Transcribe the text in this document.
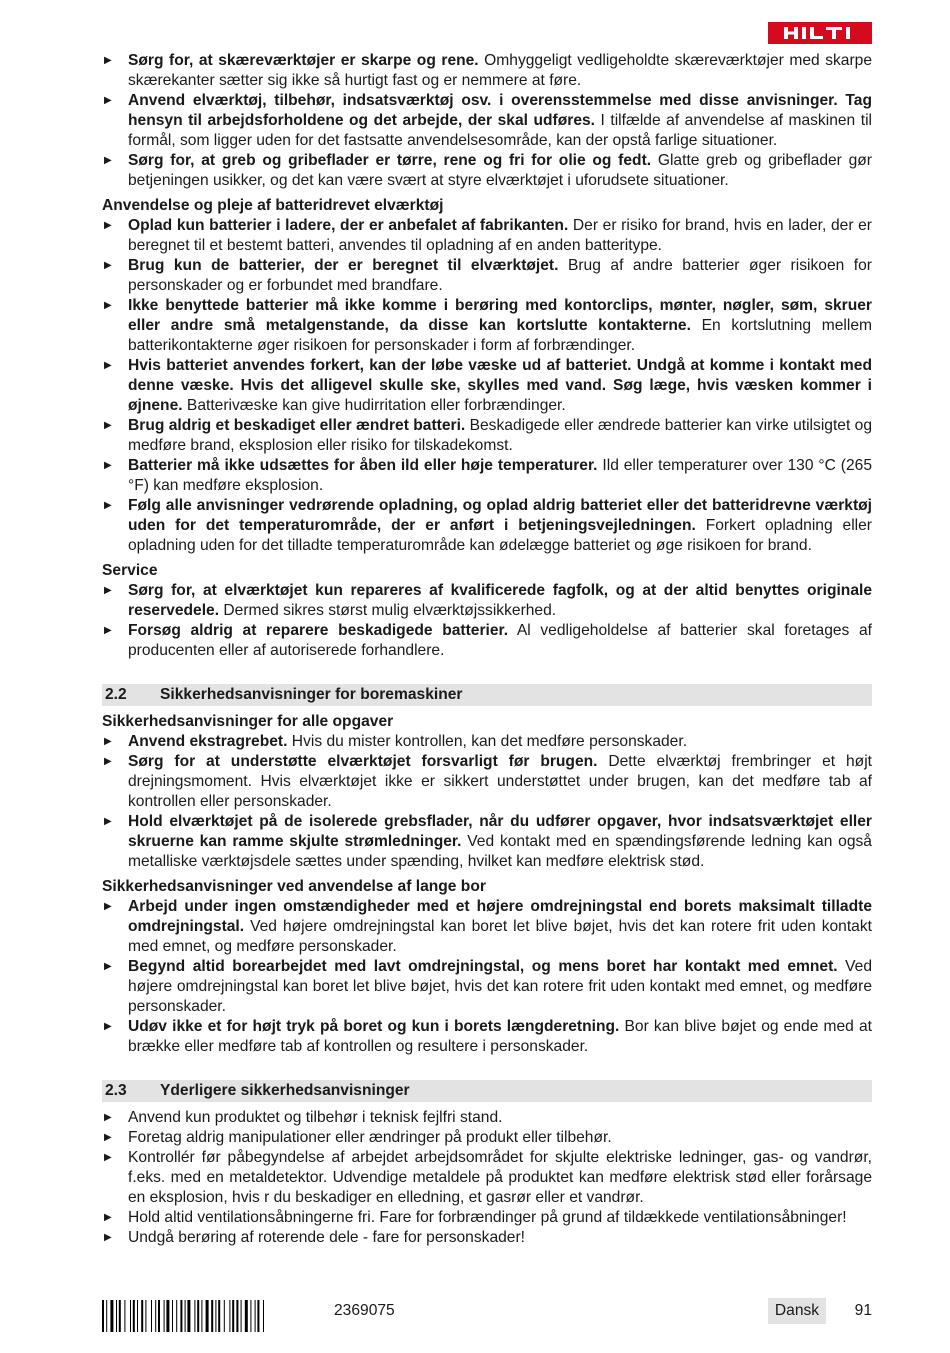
▶ Sørg for, at skæreværktøjer er skarpe og rene. Omhyggeligt vedligeholdte skæreværktøjer med skarpe skærekanter sætter sig ikke så hurtigt fast og er nemmere at føre.
▶ Anvend elværktøj, tilbehør, indsatsværktøj osv. i overensstemmelse med disse anvisninger. Tag hensyn til arbejdsforholdene og det arbejde, der skal udføres. I tilfælde af anvendelse af maskinen til formål, som ligger uden for det fastsatte anvendelsesområde, kan der opstå farlige situationer.
▶ Sørg for, at greb og gribeflader er tørre, rene og fri for olie og fedt. Glatte greb og gribeflader gør betjeningen usikker, og det kan være svært at styre elværktøjet i uforudsete situationer.
Anvendelse og pleje af batteridrevet elværktøj
▶ Oplad kun batterier i ladere, der er anbefalet af fabrikanten. Der er risiko for brand, hvis en lader, der er beregnet til et bestemt batteri, anvendes til opladning af en anden batteritype.
▶ Brug kun de batterier, der er beregnet til elværktøjet. Brug af andre batterier øger risikoen for personskader og er forbundet med brandfare.
▶ Ikke benyttede batterier må ikke komme i berøring med kontorclips, mønter, nøgler, søm, skruer eller andre små metalgenstande, da disse kan kortslutte kontakterne. En kortslutning mellem batterikontakterne øger risikoen for personskader i form af forbrændinger.
▶ Hvis batteriet anvendes forkert, kan der løbe væske ud af batteriet. Undgå at komme i kontakt med denne væske. Hvis det alligevel skulle ske, skylles med vand. Søg læge, hvis væsken kommer i øjnene. Batterivæske kan give hudirritation eller forbrændinger.
▶ Brug aldrig et beskadiget eller ændret batteri. Beskadigede eller ændrede batterier kan virke utilsigtet og medføre brand, eksplosion eller risiko for tilskadekomst.
▶ Batterier må ikke udsættes for åben ild eller høje temperaturer. Ild eller temperaturer over 130 °C (265 °F) kan medføre eksplosion.
▶ Følg alle anvisninger vedrørende opladning, og oplad aldrig batteriet eller det batteridrevne værktøj uden for det temperaturområde, der er anført i betjeningsvejledningen. Forkert opladning eller opladning uden for det tilladte temperaturområde kan ødelægge batteriet og øge risikoen for brand.
Service
▶ Sørg for, at elværktøjet kun repareres af kvalificerede fagfolk, og at der altid benyttes originale reservedele. Dermed sikres størst mulig elværktøjssikkerhed.
▶ Forsøg aldrig at reparere beskadigede batterier. Al vedligeholdelse af batterier skal foretages af producenten eller af autoriserede forhandlere.
2.2	Sikkerhedsanvisninger for boremaskiner
Sikkerhedsanvisninger for alle opgaver
▶ Anvend ekstragrebet. Hvis du mister kontrollen, kan det medføre personskader.
▶ Sørg for at understøtte elværktøjet forsvarligt før brugen. Dette elværktøj frembringer et højt drejningsmoment. Hvis elværktøjet ikke er sikkert understøttet under brugen, kan det medføre tab af kontrollen eller personskader.
▶ Hold elværktøjet på de isolerede grebsflader, når du udfører opgaver, hvor indsatsværktøjet eller skruerne kan ramme skjulte strømledninger. Ved kontakt med en spændingsførende ledning kan også metalliske værktøjsdele sættes under spænding, hvilket kan medføre elektrisk stød.
Sikkerhedsanvisninger ved anvendelse af lange bor
▶ Arbejd under ingen omstændigheder med et højere omdrejningstal end borets maksimalt tilladte omdrejningstal. Ved højere omdrejningstal kan boret let blive bøjet, hvis det kan rotere frit uden kontakt med emnet, og medføre personskader.
▶ Begynd altid borearbejdet med lavt omdrejningstal, og mens boret har kontakt med emnet. Ved højere omdrejningstal kan boret let blive bøjet, hvis det kan rotere frit uden kontakt med emnet, og medføre personskader.
▶ Udøv ikke et for højt tryk på boret og kun i borets længderetning. Bor kan blive bøjet og ende med at brække eller medføre tab af kontrollen og resultere i personskader.
2.3	Yderligere sikkerhedsanvisninger
▶ Anvend kun produktet og tilbehør i teknisk fejlfri stand.
▶ Foretag aldrig manipulationer eller ændringer på produkt eller tilbehør.
▶ Kontrollér før påbegyndelse af arbejdet arbejdsområdet for skjulte elektriske ledninger, gas- og vandrør, f.eks. med en metaldetektor. Udvendige metaldele på produktet kan medføre elektrisk stød eller forårsage en eksplosion, hvis r du beskadiger en elledning, et gasrør eller et vandrør.
▶ Hold altid ventilationsåbningerne fri. Fare for forbrændinger på grund af tildækkede ventilationsåbninger!
▶ Undgå berøring af roterende dele - fare for personskader!
2369075	Dansk	91
